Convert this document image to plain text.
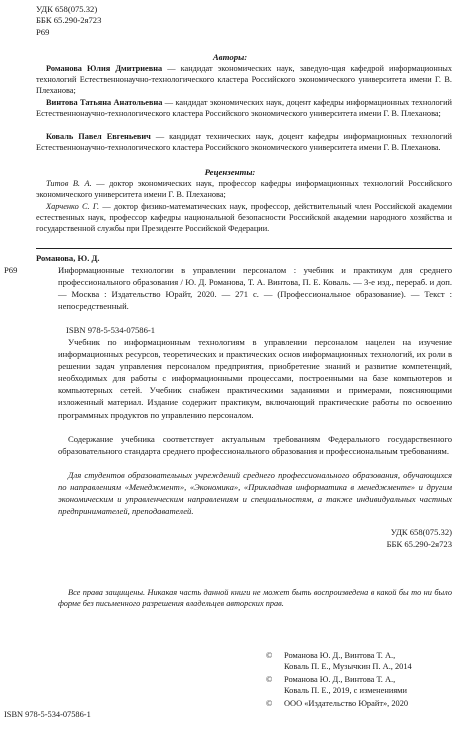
УДК 658(075.32)
ББК 65.290-2я723
Р69
Авторы:
Романова Юлия Дмитриевна — кандидат экономических наук, заведую-щая кафедрой информационных технологий Естественнонаучно-технологического кластера Российского экономического университета имени Г. В. Плеханова;
Винтова Татьяна Анатольевна — кандидат экономических наук, доцент кафедры информационных технологий Естественнонаучно-технологического кластера Российского экономического университета имени Г. В. Плеханова;
Коваль Павел Евгеньевич — кандидат технических наук, доцент кафедры информационных технологий Естественнонаучно-технологического кластера Российского экономического университета имени Г. В. Плеханова.
Рецензенты:
Титов В. А. — доктор экономических наук, профессор кафедры информационных технологий Российского экономического университета имени Г. В. Плеханова;
Харченко С. Г. — доктор физико-математических наук, профессор, действительный член Российской академии естественных наук, профессор кафедры национальной безопасности Российской академии народного хозяйства и государственной службы при Президенте Российской Федерации.
Романова, Ю. Д.
Р69	Информационные технологии в управлении персоналом : учебник и практикум для среднего профессионального образования / Ю. Д. Романова, Т. А. Винтова, П. Е. Коваль. — 3-е изд., перераб. и доп. — Москва : Издательство Юрайт, 2020. — 271 с. — (Профессиональное образование). — Текст : непосредственный.
ISBN 978-5-534-07586-1
Учебник по информационным технологиям в управлении персоналом нацелен на изучение информационных ресурсов, теоретических и практических основ информационных технологий, их роли в решении задач управления персоналом предприятия, приобретение знаний и развитие компетенций, необходимых для работы с информационными процессами, построенными на базе компьютеров и компьютерных сетей. Учебник снабжен практическими заданиями и примерами, поясняющими изложенный материал. Издание содержит практикум, включающий практические работы по освоению программных продуктов по управлению персоналом.
Содержание учебника соответствует актуальным требованиям Федерального государственного образовательного стандарта среднего профессионального образования и профессиональным требованиям.
Для студентов образовательных учреждений среднего профессионального образования, обучающихся по направлениям «Менеджмент», «Экономика», «Прикладная информатика в менеджменте» и другим экономическим и управленческим направлениям и специальностям, а также индивидуальных частных предпринимателей, преподавателей.
УДК 658(075.32)
ББК 65.290-2я723
Все права защищены. Никакая часть данной книги не может быть воспроизведена в какой бы то ни было форме без письменного разрешения владельцев авторских прав.
© Романова Ю. Д., Винтова Т. А.,
Коваль П. Е., Музычкин П. А., 2014
© Романова Ю. Д., Винтова Т. А.,
Коваль П. Е., 2019, с изменениями
© ООО «Издательство Юрайт», 2020
ISBN 978-5-534-07586-1
